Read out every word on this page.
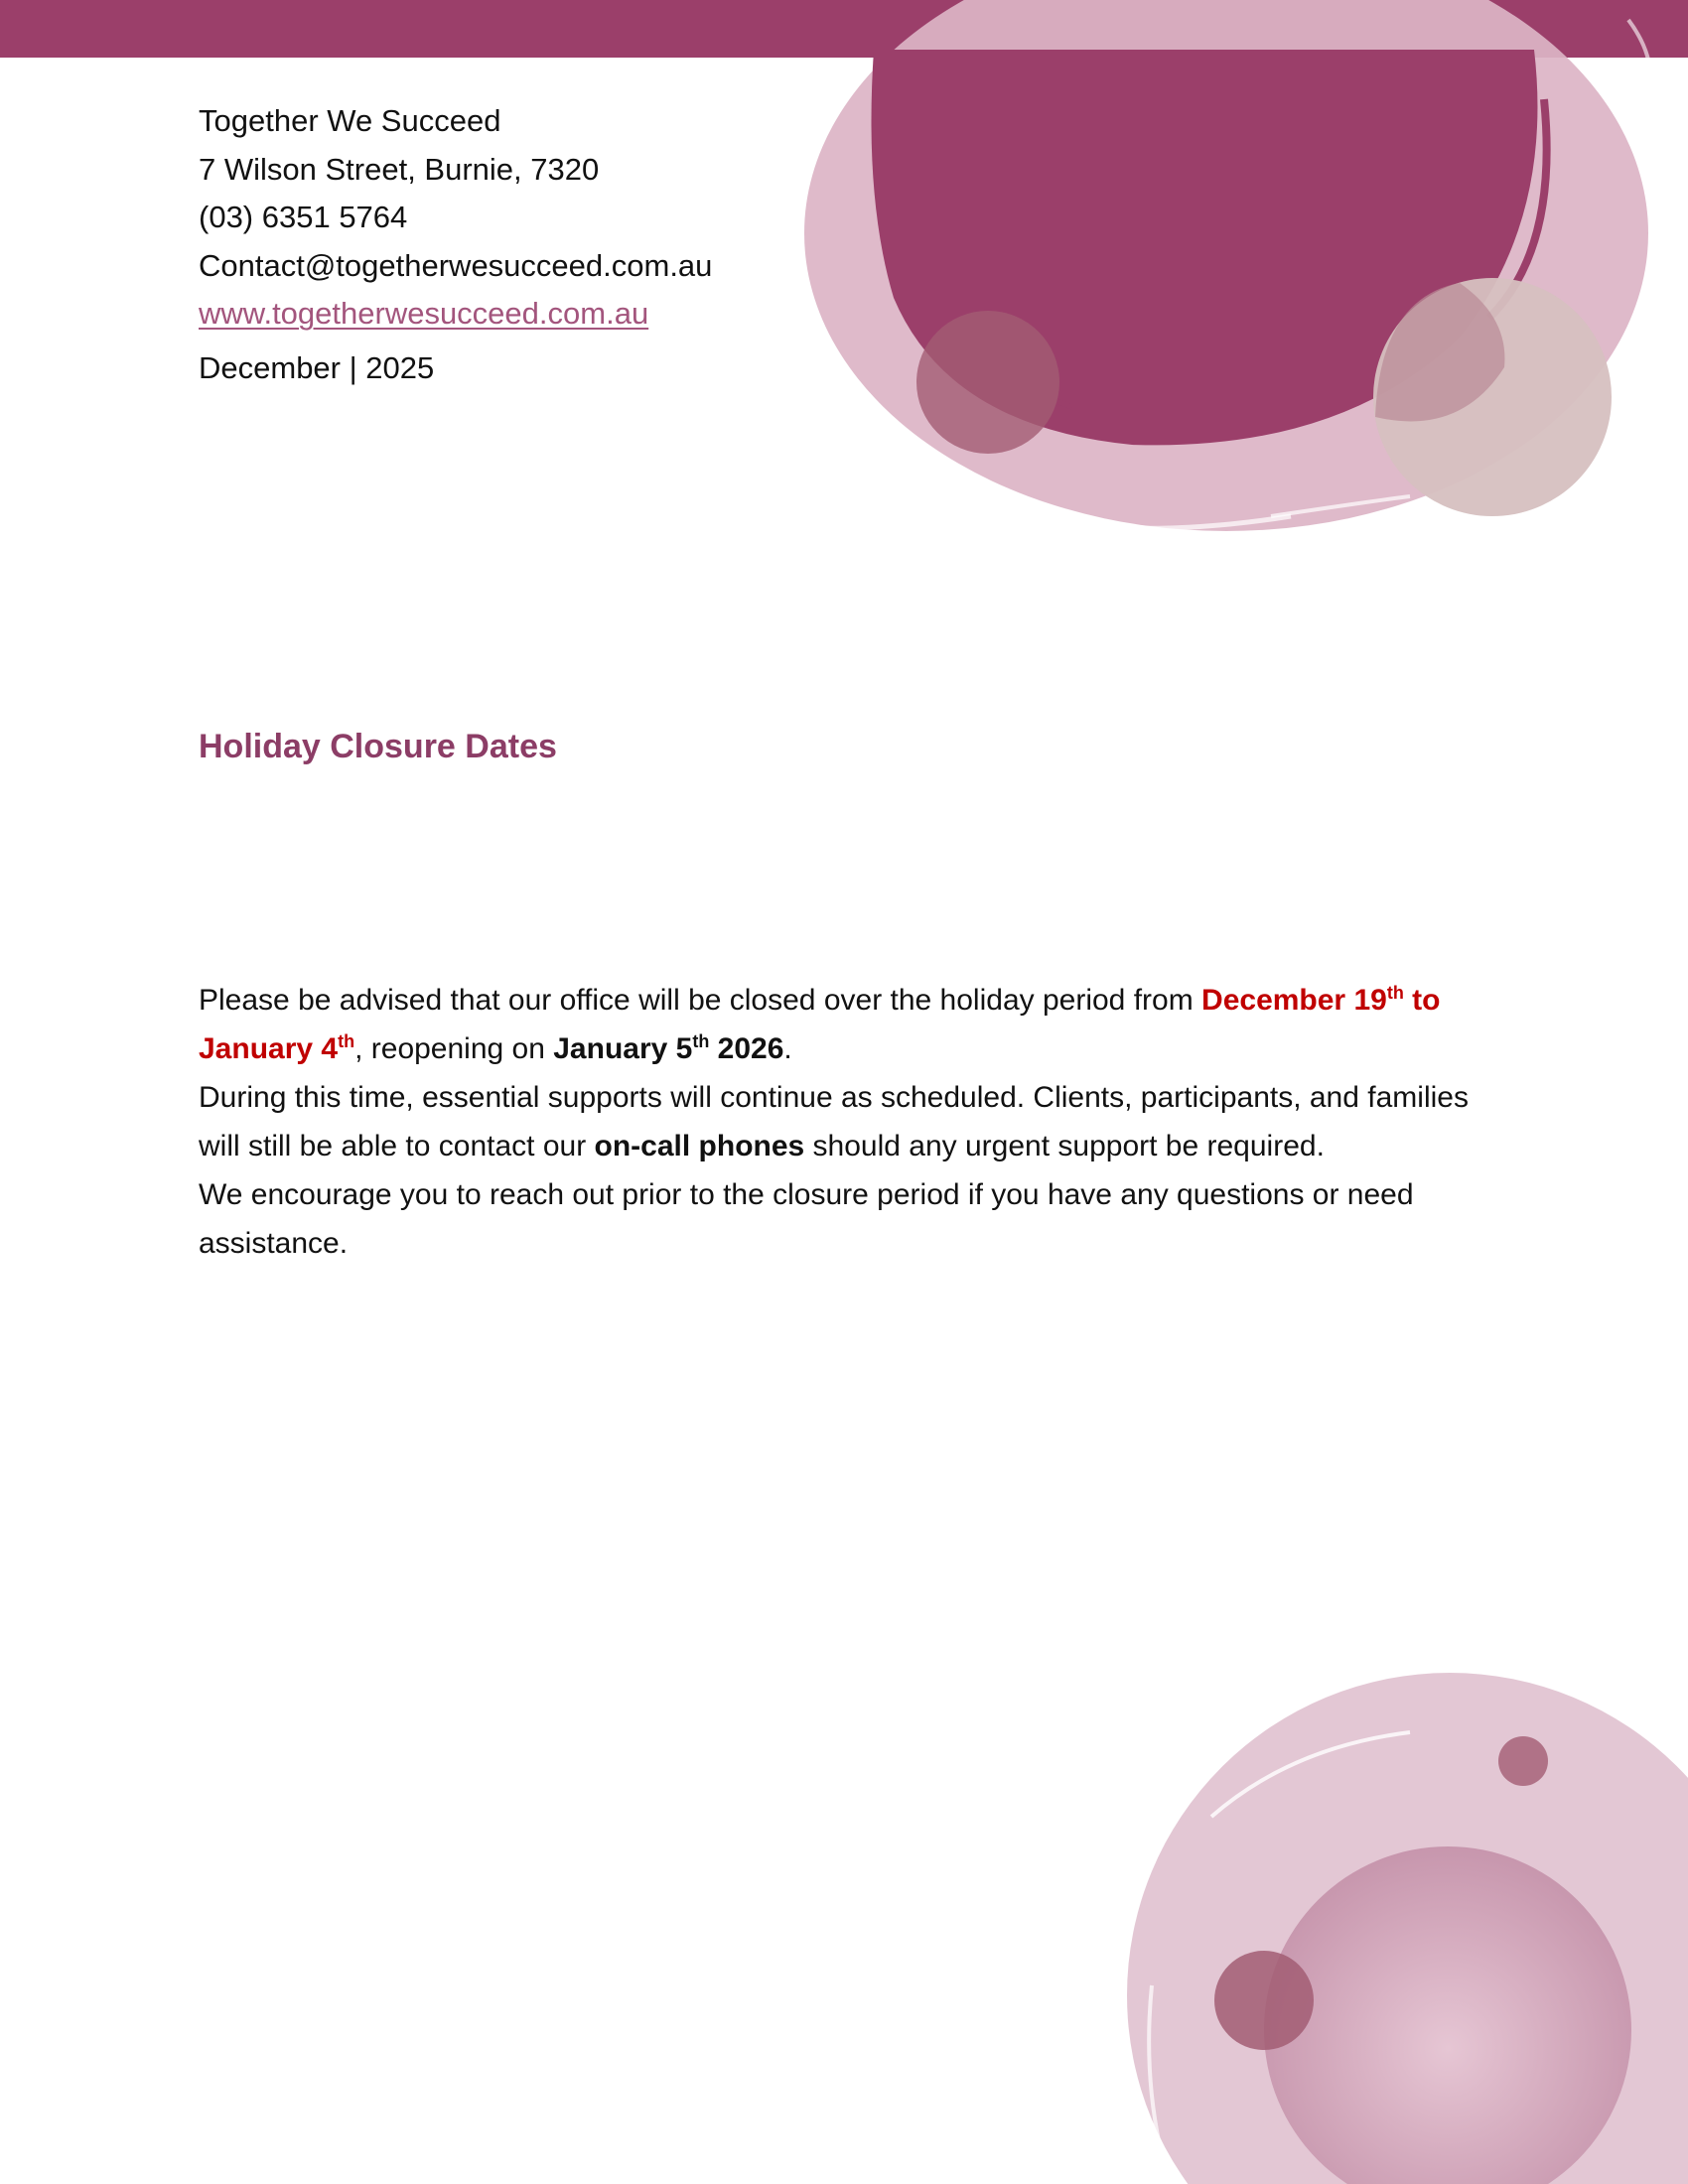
Together We Succeed
7 Wilson Street, Burnie, 7320
(03) 6351 5764
Contact@togetherwesucceed.com.au
www.togetherwesucceed.com.au
December | 2025
Holiday Closure Dates

Please be advised that our office will be closed over the holiday period from December 19th to
January 4th, reopening on January 5th 2026.

During this time, essential supports will continue as scheduled. Clients, participants, and families will still be able to contact our on-call phones should any urgent support be required.

We encourage you to reach out prior to the closure period if you have any questions or need assistance.
